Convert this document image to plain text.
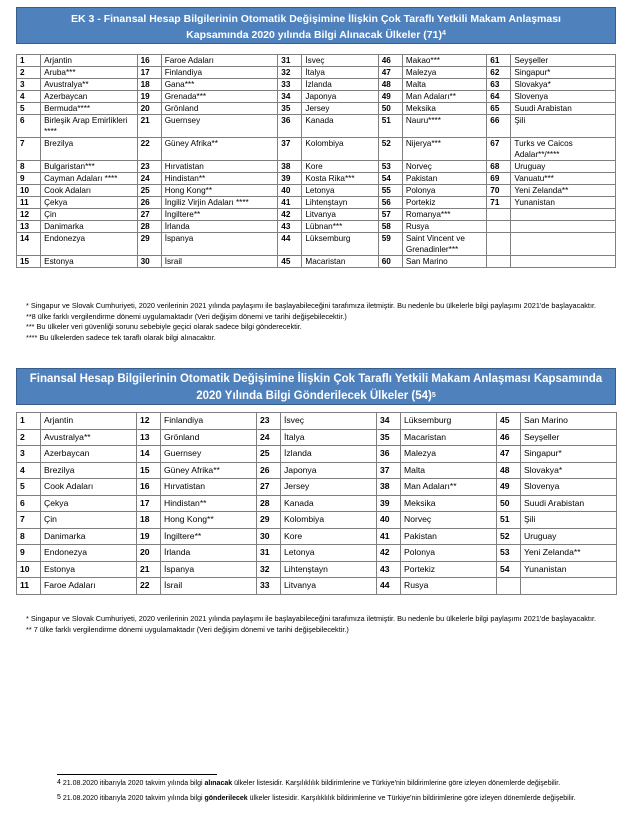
EK 3 - Finansal Hesap Bilgilerinin Otomatik Değişimine İlişkin Çok Taraflı Yetkili Makam Anlaşması
Kapsamında 2020 yılında Bilgi Alınacak Ülkeler $(71)^4$
1	Arjantin	16	Faroe Adaları	31	İsveç	46	Makao***	61	Seyşeller
2	Aruba***	17	Finlandiya	32	İtalya	47	Malezya	62	Singapur*
3	Avustralya**	18	Gana***	33	İzlanda	48	Malta	63	Slovakya*
4	Azerbaycan	19	Grenada***	34	Japonya	49	Man Adaları**	64	Slovenya
5	Bermuda****	20	Grönland	35	Jersey	50	Meksika	65	Suudi Arabistan
6	Birleşik Arap Emirlikleri ****	21	Guernsey	36	Kanada	51	Nauru****	66	Şili
7	Brezilya	22	Güney Afrika**	37	Kolombiya	52	Nijerya***	67	Turks ve Caicos Adalar**/****
8	Bulgaristan***	23	Hırvatistan	38	Kore	53	Norveç	68	Uruguay
9	Cayman Adaları ****	24	Hindistan**	39	Kosta Rika***	54	Pakistan	69	Vanuatu***
10	Cook Adaları	25	Hong Kong**	40	Letonya	55	Polonya	70	Yeni Zelanda**
11	Çekya	26	İngiliz Virjin Adaları ****	41	Lihtenştayn	56	Portekiz	71	Yunanistan
12	Çin	27	İngiltere**	42	Litvanya	57	Romanya***		
13	Danimarka	28	İrlanda	43	Lübnan***	58	Rusya		
14	Endonezya	29	İspanya	44	Lüksemburg	59	Saint Vincent ve Grenadinler***		
15	Estonya	30	İsrail	45	Macaristan	60	San Marino		

* Singapur ve Slovak Cumhuriyeti, 2020 verilerinin 2021 yılında paylaşımı ile başlayabileceğini tarafımıza iletmiştir. Bu nedenle bu ülkelerle bilgi paylaşımı 2021'de başlayacaktır.

**8 ülke farklı vergilendirme dönemi uygulamaktadır (Veri değişim dönemi ve tarihi değişebilecektir.)

*** Bu ülkeler veri güvenliği sorunu sebebiyle geçici olarak sadece bilgi gönderecektir.

**** Bu ülkelerden sadece tek taraflı olarak bilgi alınacaktır.

Finansal Hesap Bilgilerinin Otomatik Değişimine İlişkin Çok Taraflı Yetkili Makam Anlaşması Kapsamında
2020 Yılında Bilgi Gönderilecek Ülkeler $(54)^5$
1	Arjantin	12	Finlandiya	23	İsveç	34	Lüksemburg	45	San Marino
2	Avustralya**	13	Grönland	24	İtalya	35	Macaristan	46	Seyşeller
3	Azerbaycan	14	Guernsey	25	İzlanda	36	Malezya	47	Singapur*
4	Brezilya	15	Güney Afrika**	26	Japonya	37	Malta	48	Slovakya*
5	Cook Adaları	16	Hırvatistan	27	Jersey	38	Man Adaları**	49	Slovenya
6	Çekya	17	Hindistan**	28	Kanada	39	Meksika	50	Suudi Arabistan
7	Çin	18	Hong Kong**	29	Kolombiya	40	Norveç	51	Şili
8	Danimarka	19	İngiltere**	30	Kore	41	Pakistan	52	Uruguay
9	Endonezya	20	İrlanda	31	Letonya	42	Polonya	53	Yeni Zelanda**
10	Estonya	21	İspanya	32	Lihtenştayn	43	Portekiz	54	Yunanistan
11	Faroe Adaları	22	İsrail	33	Litvanya	44	Rusya		

* Singapur ve Slovak Cumhuriyeti, 2020 verilerinin 2021 yılında paylaşımı ile başlayabileceğini tarafımıza iletmiştir. Bu nedenle bu ülkelerle bilgi paylaşımı 2021'de başlayacaktır.

** 7 ülke farklı vergilendirme dönemi uygulamaktadır (Veri değişim dönemi ve tarihi değişebilecektir.)

$^4$ 21.08.2020 itibarıyla 2020 takvim yılında bilgi alınacak ülkeler listesidir. Karşılıklılık bildirimlerine ve Türkiye'nin bildirimlerine göre izleyen dönemlerde değişebilir.

$^5$ 21.08.2020 itibarıyla 2020 takvim yılında bilgi gönderilecek ülkeler listesidir. Karşılıklılık bildirimlerine ve Türkiye'nin bildirimlerine göre izleyen dönemlerde değişebilir.
